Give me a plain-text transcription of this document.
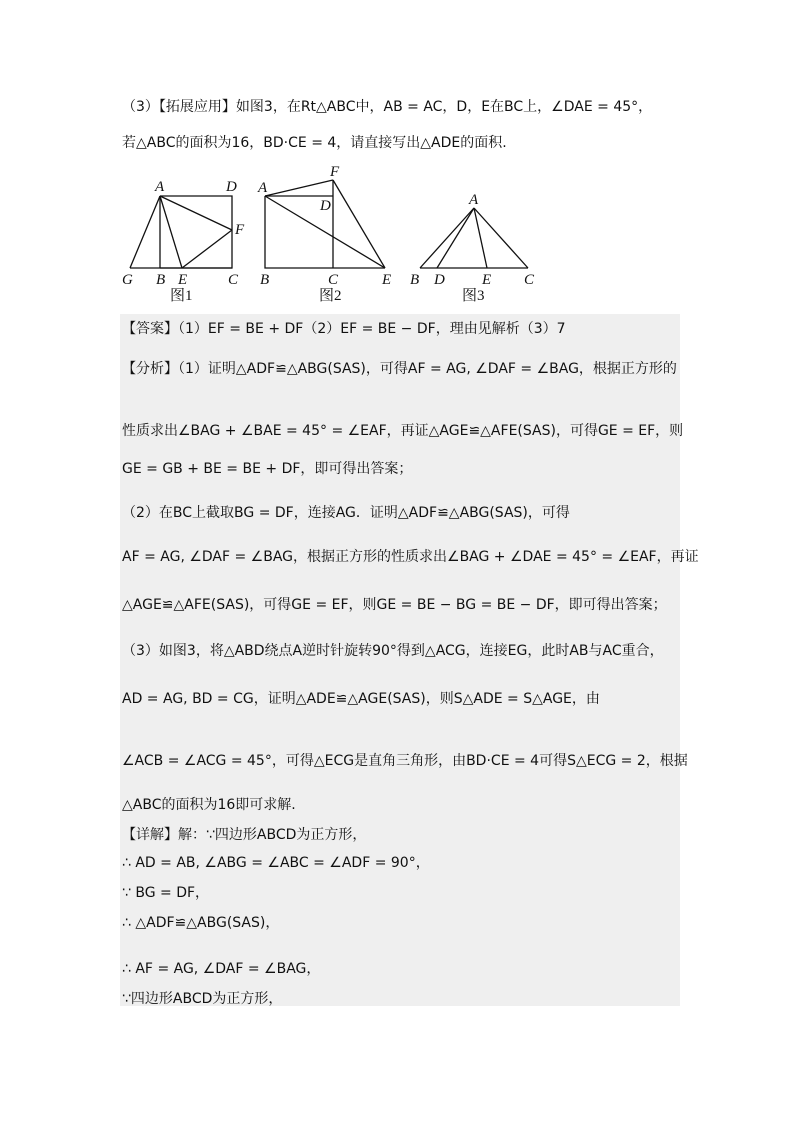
（3）【拓展应用】如图3，在Rt△ABC中，AB = AC，D，E在BC上，∠DAE = 45°，
若△ABC的面积为16，BD·CE = 4，请直接写出△ADE的面积.
A	D
F
G B E	C
F
A
D
B	C	E
A
B D E C
图1	图2	图3
【答案】（1）EF = BE + DF（2）EF = BE − DF，理由见解析（3）7
【分析】（1）证明△ADF≌△ABG(SAS)，可得AF = AG, ∠DAF = ∠BAG，根据正方形的
性质求出∠BAG + ∠BAE = 45° = ∠EAF，再证△AGE≌△AFE(SAS)，可得GE = EF，则
GE = GB + BE = BE + DF，即可得出答案；
（2）在BC上截取BG = DF，连接AG．证明△ADF≌△ABG(SAS)，可得
AF = AG, ∠DAF = ∠BAG，根据正方形的性质求出∠BAG + ∠DAE = 45° = ∠EAF，再证
△AGE≌△AFE(SAS)，可得GE = EF，则GE = BE − BG = BE − DF，即可得出答案；
（3）如图3，将△ABD绕点A逆时针旋转90°得到△ACG，连接EG，此时AB与AC重合，
AD = AG, BD = CG，证明△ADE≌△AGE(SAS)，则S△ADE = S△AGE，由
∠ACB = ∠ACG = 45°，可得△ECG是直角三角形，由BD·CE = 4可得S△ECG = 2，根据
△ABC的面积为16即可求解.
【详解】解：∵四边形ABCD为正方形，
∴ AD = AB, ∠ABG = ∠ABC = ∠ADF = 90°，
∵ BG = DF，
∴ △ADF≌△ABG(SAS)，
∴ AF = AG, ∠DAF = ∠BAG，
∵四边形ABCD为正方形，
